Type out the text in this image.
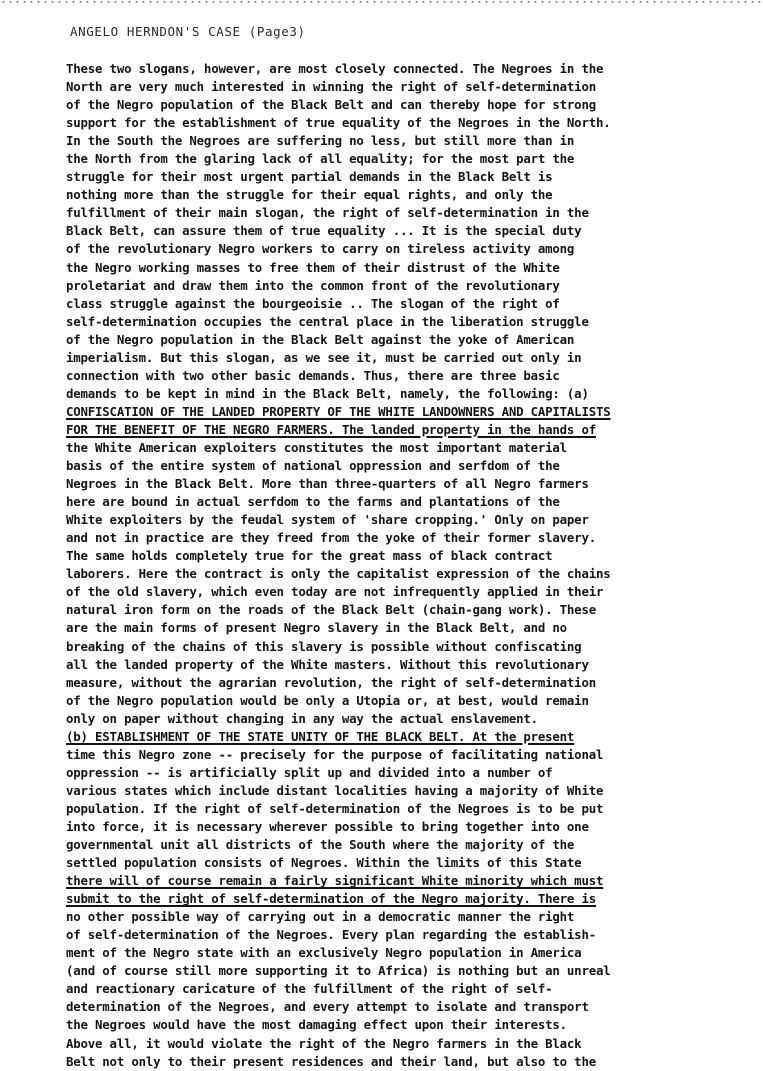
ANGELO HERNDON'S CASE (Page3)
These two slogans, however, are most closely connected. The Negroes in the
North are very much interested in winning the right of self-determination
of the Negro population of the Black Belt and can thereby hope for strong
support for the establishment of true equality of the Negroes in the North.
In the South the Negroes are suffering no less, but still more than in
the North from the glaring lack of all equality; for the most part the
struggle for their most urgent partial demands in the Black Belt is
nothing more than the struggle for their equal rights, and only the
fulfillment of their main slogan, the right of self-determination in the
Black Belt, can assure them of true equality ... It is the special duty
of the revolutionary Negro workers to carry on tireless activity among
the Negro working masses to free them of their distrust of the White
proletariat and draw them into the common front of the revolutionary
class struggle against the bourgeoisie .. The slogan of the right of
self-determination occupies the central place in the liberation struggle
of the Negro population in the Black Belt against the yoke of American
imperialism. But this slogan, as we see it, must be carried out only in
connection with two other basic demands. Thus, there are three basic
demands to be kept in mind in the Black Belt, namely, the following: (a)
CONFISCATION OF THE LANDED PROPERTY OF THE WHITE LANDOWNERS AND CAPITALISTS
FOR THE BENEFIT OF THE NEGRO FARMERS. The landed property in the hands of
the White American exploiters constitutes the most important material
basis of the entire system of national oppression and serfdom of the
Negroes in the Black Belt. More than three-quarters of all Negro farmers
here are bound in actual serfdom to the farms and plantations of the
White exploiters by the feudal system of 'share cropping.' Only on paper
and not in practice are they freed from the yoke of their former slavery.
The same holds completely true for the great mass of black contract
laborers. Here the contract is only the capitalist expression of the chains
of the old slavery, which even today are not infrequently applied in their
natural iron form on the roads of the Black Belt (chain-gang work). These
are the main forms of present Negro slavery in the Black Belt, and no
breaking of the chains of this slavery is possible without confiscating
all the landed property of the White masters. Without this revolutionary
measure, without the agrarian revolution, the right of self-determination
of the Negro population would be only a Utopia or, at best, would remain
only on paper without changing in any way the actual enslavement.
(b) ESTABLISHMENT OF THE STATE UNITY OF THE BLACK BELT. At the present
time this Negro zone -- precisely for the purpose of facilitating national
oppression -- is artificially split up and divided into a number of
various states which include distant localities having a majority of White
population. If the right of self-determination of the Negroes is to be put
into force, it is necessary wherever possible to bring together into one
governmental unit all districts of the South where the majority of the
settled population consists of Negroes. Within the limits of this State
there will of course remain a fairly significant White minority which must
submit to the right of self-determination of the Negro majority. There is
no other possible way of carrying out in a democratic manner the right
of self-determination of the Negroes. Every plan regarding the establish-
ment of the Negro state with an exclusively Negro population in America
(and of course still more supporting it to Africa) is nothing but an unreal
and reactionary caricature of the fulfillment of the right of self-
determination of the Negroes, and every attempt to isolate and transport
the Negroes would have the most damaging effect upon their interests.
Above all, it would violate the right of the Negro farmers in the Black
Belt not only to their present residences and their land, but also to the
